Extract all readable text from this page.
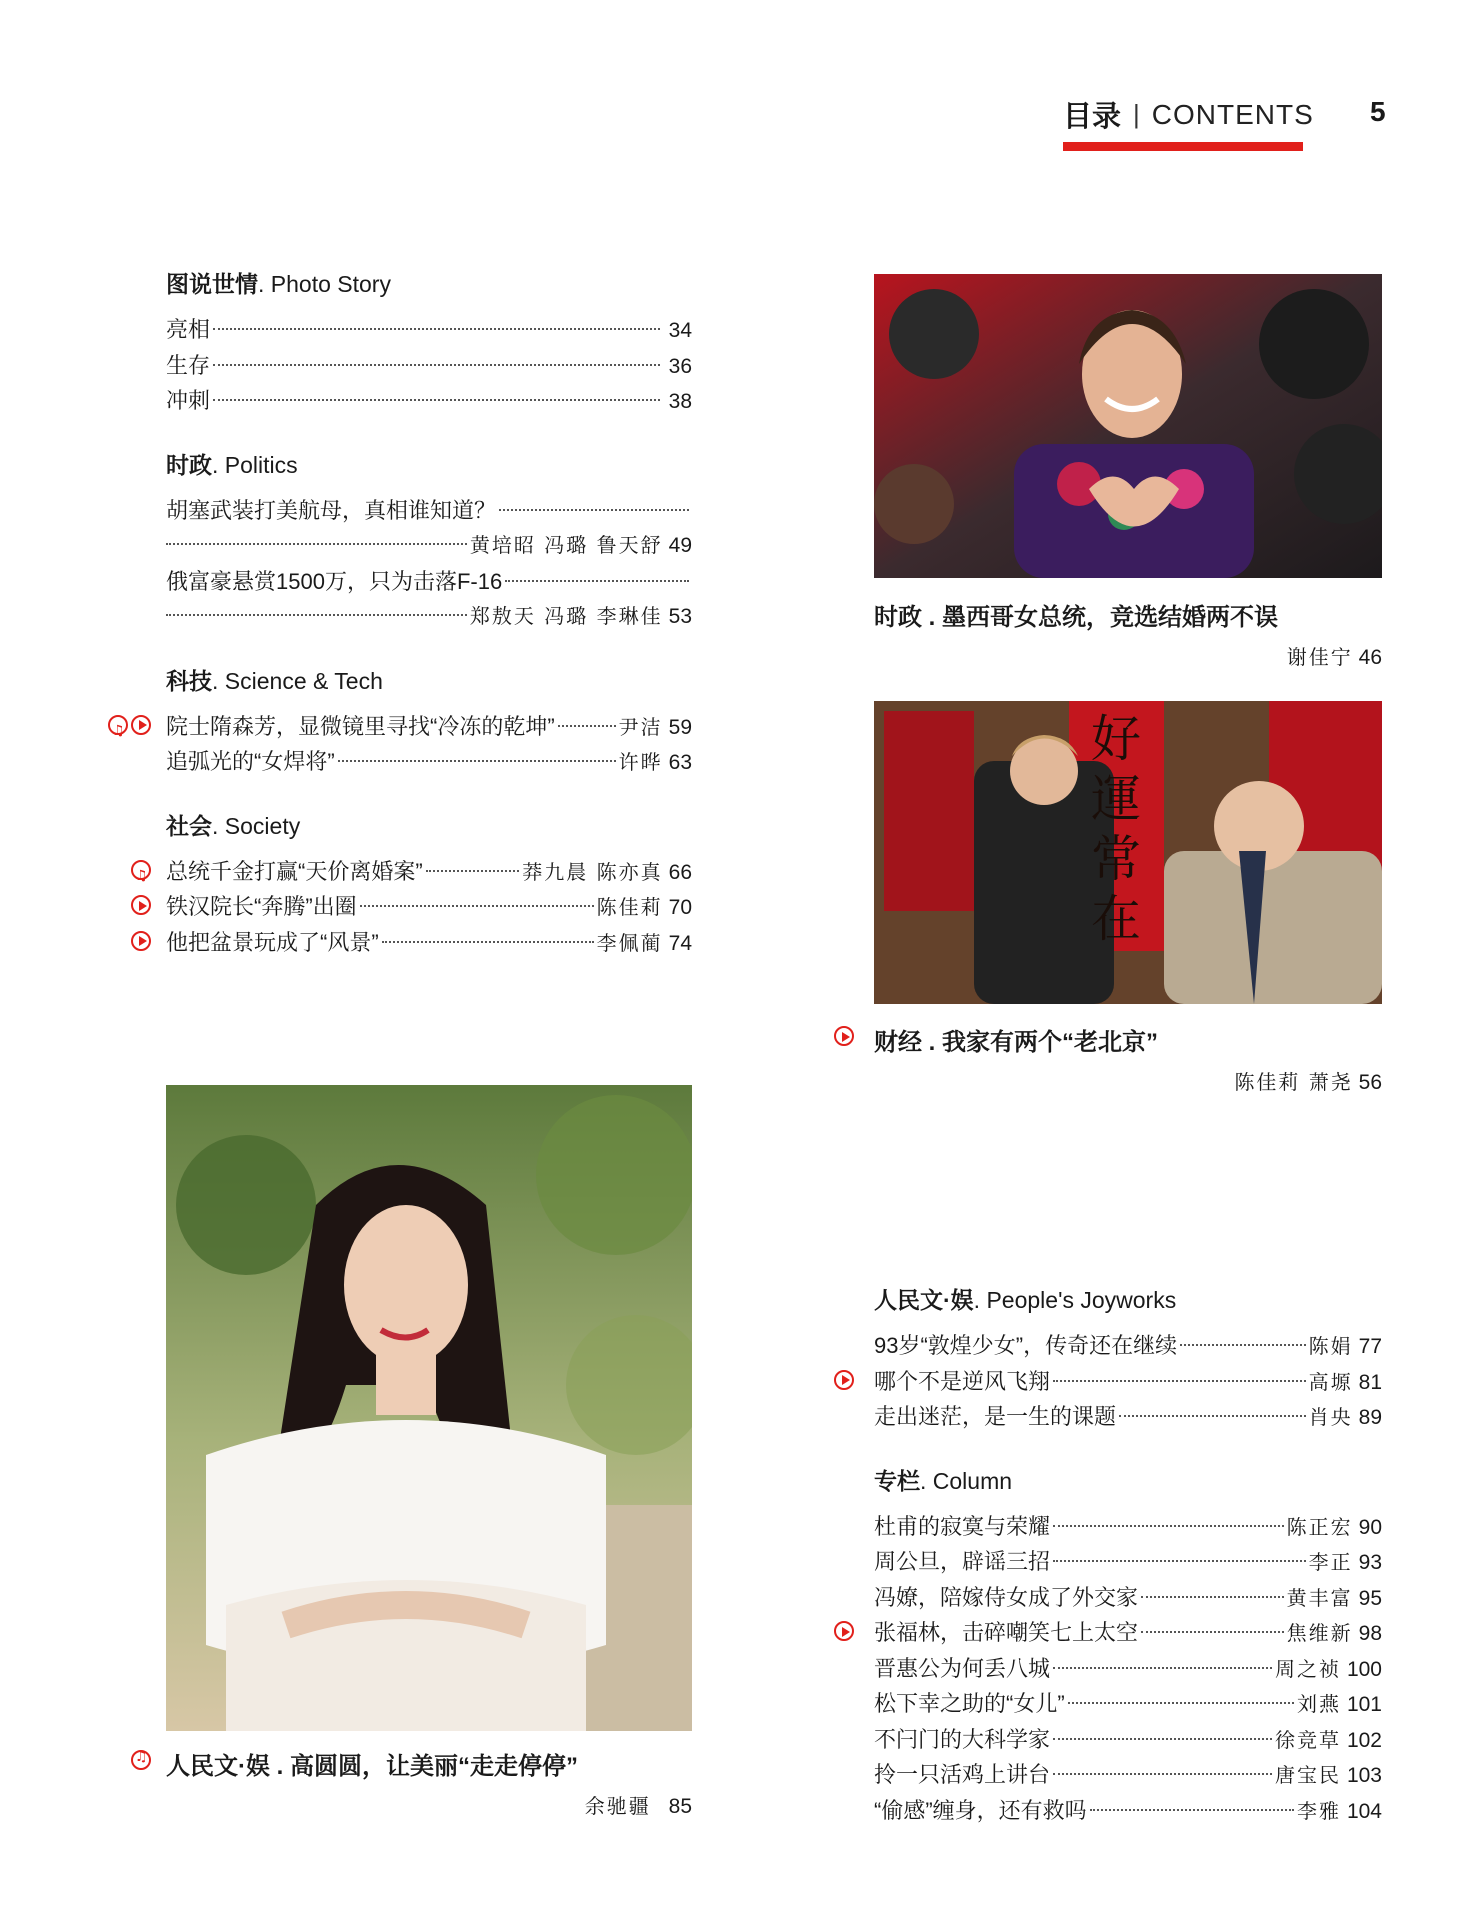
目录 | CONTENTS 5
图说世情. Photo Story
亮相	34
生存	36
冲刺	38
时政. Politics
胡塞武装打美航母，真相谁知道？
黄培昭 冯璐 鲁天舒 49
俄富豪悬赏1500万，只为击落F-16
郑敖天 冯璐 李琳佳 53
科技. Science & Tech
♫
院士隋森芳，显微镜里寻找“冷冻的乾坤”	尹洁 59
追弧光的“女焊将”	许晔 63
社会. Society
♫
总统千金打赢“天价离婚案”	莽九晨 陈亦真 66
铁汉院长“奔腾”出圈	陈佳莉 70
他把盆景玩成了“风景”	李佩蔺 74
时政 . 墨西哥女总统，竞选结婚两不误
谢佳宁 46
好運常在
财经 . 我家有两个“老北京”
陈佳莉 萧尧 56
♫
人民文·娱 . 高圆圆，让美丽“走走停停”
余驰疆 85
人民文·娱. People's Joyworks
93岁“敦煌少女”，传奇还在继续	陈娟 77
哪个不是逆风飞翔	高塬 81
走出迷茫，是一生的课题	肖央 89
专栏. Column
杜甫的寂寞与荣耀	陈正宏 90
周公旦，辟谣三招	李正 93
冯嫽，陪嫁侍女成了外交家	黄丰富 95
张福林，击碎嘲笑七上太空	焦维新 98
晋惠公为何丢八城	周之祯 100
松下幸之助的“女儿”	刘燕 101
不闩门的大科学家	徐竞草 102
拎一只活鸡上讲台	唐宝民 103
“偷感”缠身，还有救吗	李雅 104
